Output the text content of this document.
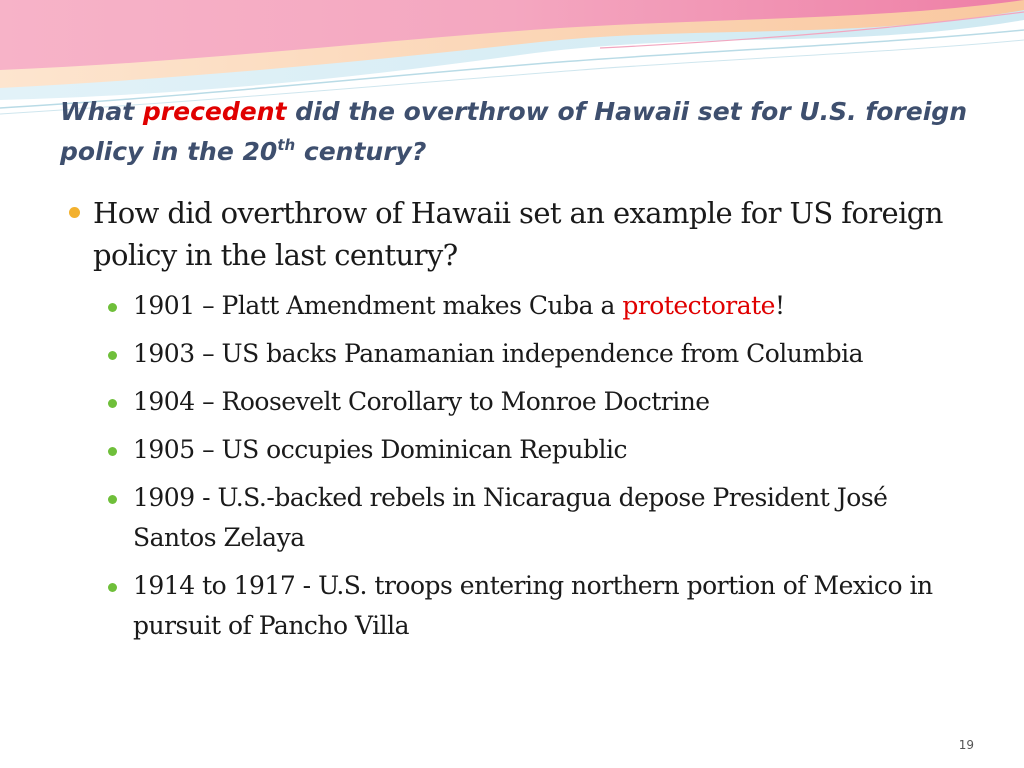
What precedent did the overthrow of Hawaii set for U.S. foreign policy in the 20th century?
How did overthrow of Hawaii set an example for US foreign policy in the last century?
1901 – Platt Amendment makes Cuba a protectorate!
1903 – US backs Panamanian independence from Columbia
1904 – Roosevelt Corollary to Monroe Doctrine
1905 – US occupies Dominican Republic
1909 - U.S.-backed rebels in Nicaragua depose President José Santos Zelaya
1914 to 1917 - U.S. troops entering northern portion of Mexico in pursuit of Pancho Villa
19
